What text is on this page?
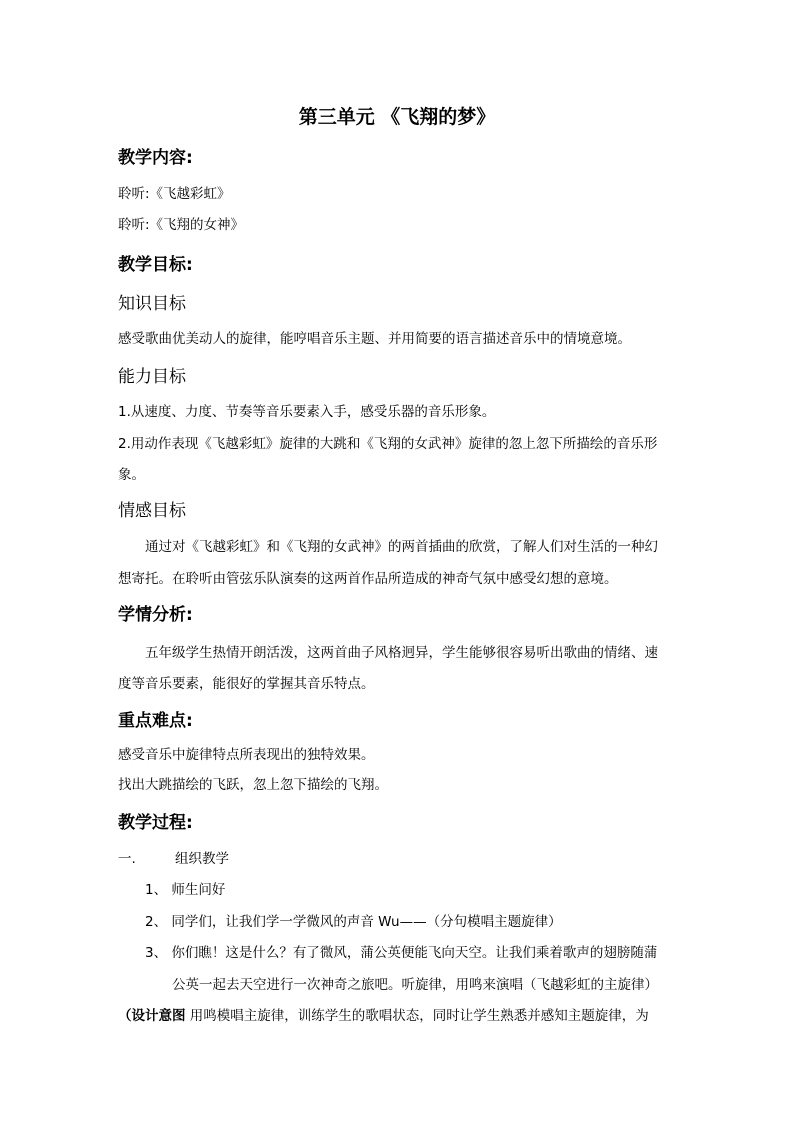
第三单元 《飞翔的梦》
教学内容:
聆听:《飞越彩虹》
聆听:《飞翔的女神》
教学目标:
知识目标
感受歌曲优美动人的旋律，能哼唱音乐主题、并用简要的语言描述音乐中的情境意境。
能力目标
1.从速度、力度、节奏等音乐要素入手，感受乐器的音乐形象。
2.用动作表现《飞越彩虹》旋律的大跳和《飞翔的女武神》旋律的忽上忽下所描绘的音乐形
象。
情感目标
通过对《飞越彩虹》和《飞翔的女武神》的两首插曲的欣赏，了解人们对生活的一种幻
想寄托。在聆听由管弦乐队演奏的这两首作品所造成的神奇气氛中感受幻想的意境。
学情分析:
五年级学生热情开朗活泼，这两首曲子风格迥异，学生能够很容易听出歌曲的情绪、速
度等音乐要素，能很好的掌握其音乐特点。
重点难点:
感受音乐中旋律特点所表现出的独特效果。
找出大跳描绘的飞跃，忽上忽下描绘的飞翔。
教学过程:
一.	组织教学
1、 师生问好
2、 同学们，让我们学一学微风的声音 Wu——（分句模唱主题旋律）
3、 你们瞧！这是什么？有了微风，蒲公英便能飞向天空。让我们乘着歌声的翅膀随蒲
公英一起去天空进行一次神奇之旅吧。听旋律，用鸣来演唱（飞越彩虹的主旋律）
（设计意图 用鸣模唱主旋律，训练学生的歌唱状态，同时让学生熟悉并感知主题旋律，为
